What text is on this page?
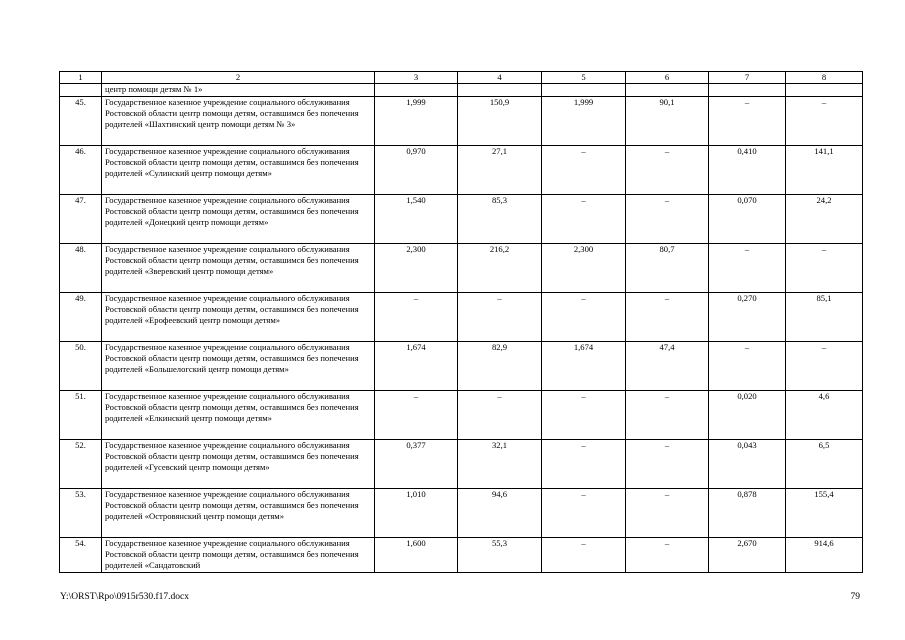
1	2	3	4	5	6	7	8
	центр помощи детям № 1»						
45.	Государственное казенное учреждение социального обслуживания Ростовской области центр помощи детям, оставшимся без попечения родителей «Шахтинский центр помощи детям № 3»	1,999	150,9	1,999	90,1	–	–
46.	Государственное казенное учреждение социального обслуживания Ростовской области центр помощи детям, оставшимся без попечения родителей «Сулинский центр помощи детям»	0,970	27,1	–	–	0,410	141,1
47.	Государственное казенное учреждение социального обслуживания Ростовской области центр помощи детям, оставшимся без попечения родителей «Донецкий центр помощи детям»	1,540	85,3	–	–	0,070	24,2
48.	Государственное казенное учреждение социального обслуживания Ростовской области центр помощи детям, оставшимся без попечения родителей «Зверевский центр помощи детям»	2,300	216,2	2,300	80,7	–	–
49.	Государственное казенное учреждение социального обслуживания Ростовской области центр помощи детям, оставшимся без попечения родителей «Ерофеевский центр помощи детям»	–	–	–	–	0,270	85,1
50.	Государственное казенное учреждение социального обслуживания Ростовской области центр помощи детям, оставшимся без попечения родителей «Большелогский центр помощи детям»	1,674	82,9	1,674	47,4	–	–
51.	Государственное казенное учреждение социального обслуживания Ростовской области центр помощи детям, оставшимся без попечения родителей «Елкинский центр помощи детям»	–	–	–	–	0,020	4,6
52.	Государственное казенное учреждение социального обслуживания Ростовской области центр помощи детям, оставшимся без попечения родителей «Гусевский центр помощи детям»	0,377	32,1	–	–	0,043	6,5
53.	Государственное казенное учреждение социального обслуживания Ростовской области центр помощи детям, оставшимся без попечения родителей «Островянский центр помощи детям»	1,010	94,6	–	–	0,878	155,4
54.	Государственное казенное учреждение социального обслуживания Ростовской области центр помощи детям, оставшимся без попечения родителей «Сандатовский	1,600	55,3	–	–	2,670	914,6
Y:\ORST\Rpo\0915r530.f17.docx	79
